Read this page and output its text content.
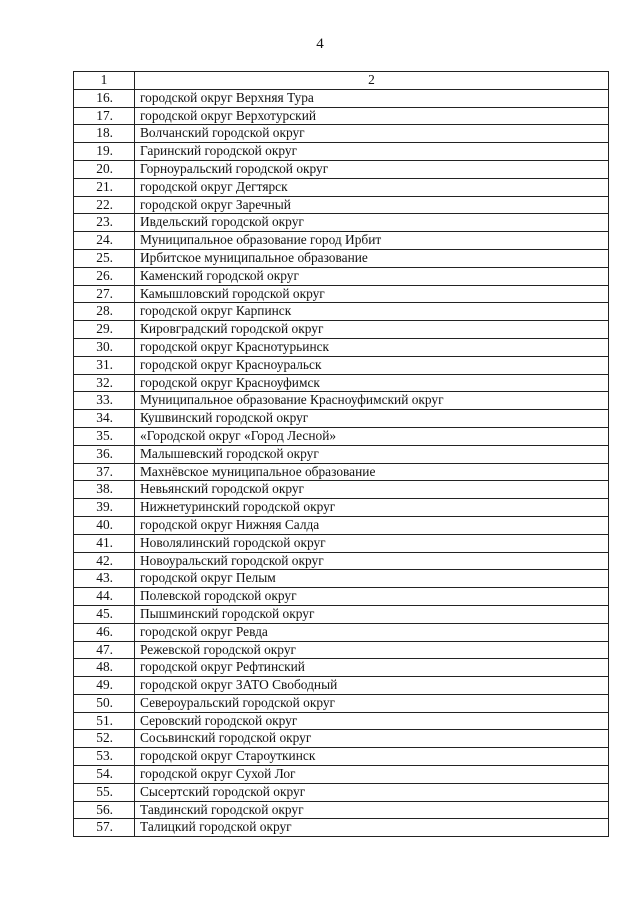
4
1	2
16.	городской округ Верхняя Тура
17.	городской округ Верхотурский
18.	Волчанский городской округ
19.	Гаринский городской округ
20.	Горноуральский городской округ
21.	городской округ Дегтярск
22.	городской округ Заречный
23.	Ивдельский городской округ
24.	Муниципальное образование город Ирбит
25.	Ирбитское муниципальное образование
26.	Каменский городской округ
27.	Камышловский городской округ
28.	городской округ Карпинск
29.	Кировградский городской округ
30.	городской округ Краснотурьинск
31.	городской округ Красноуральск
32.	городской округ Красноуфимск
33.	Муниципальное образование Красноуфимский округ
34.	Кушвинский городской округ
35.	«Городской округ «Город Лесной»
36.	Малышевский городской округ
37.	Махнёвское муниципальное образование
38.	Невьянский городской округ
39.	Нижнетуринский городской округ
40.	городской округ Нижняя Салда
41.	Новолялинский городской округ
42.	Новоуральский городской округ
43.	городской округ Пелым
44.	Полевской городской округ
45.	Пышминский городской округ
46.	городской округ Ревда
47.	Режевской городской округ
48.	городской округ Рефтинский
49.	городской округ ЗАТО Свободный
50.	Североуральский городской округ
51.	Серовский городской округ
52.	Сосьвинский городской округ
53.	городской округ Староуткинск
54.	городской округ Сухой Лог
55.	Сысертский городской округ
56.	Тавдинский городской округ
57.	Талицкий городской округ
